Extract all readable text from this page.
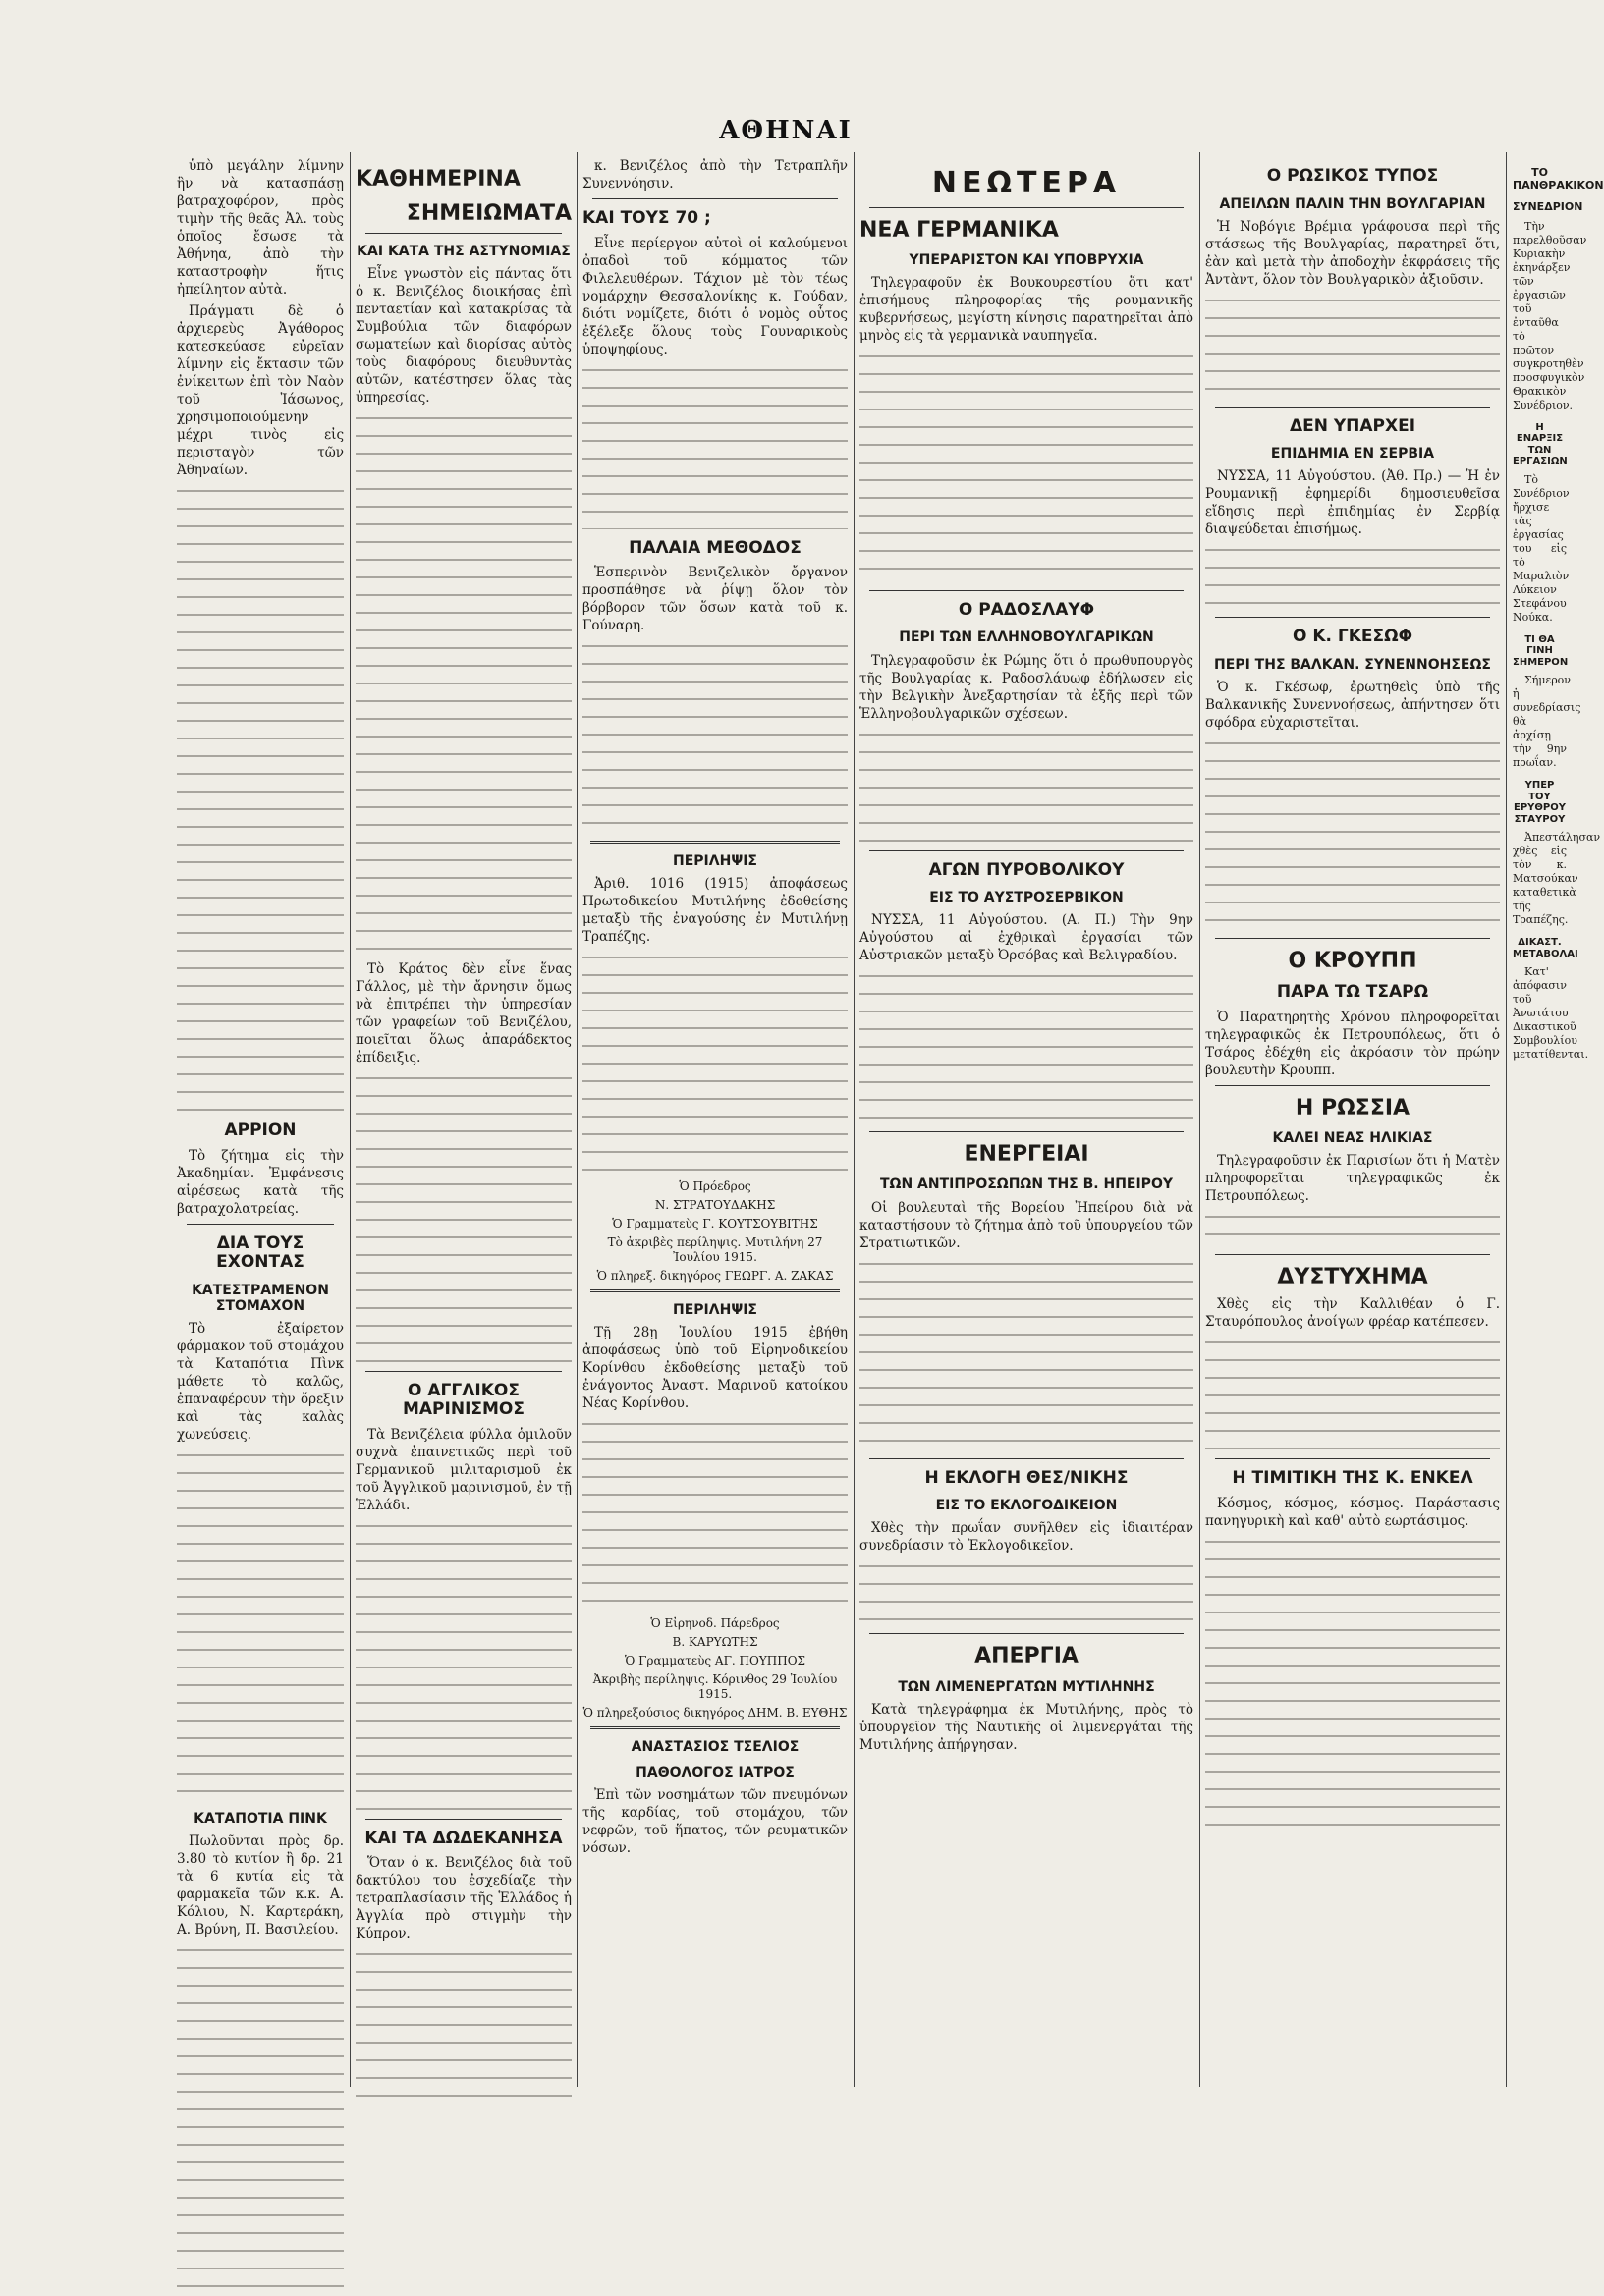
ΑΘΗΝΑΙ

ὑπὸ μεγάλην λίμνην ἣν νὰ κατασπάσῃ βατραχοφόρον, πρὸς τιμὴν τῆς θεᾶς Ἀλ. τοὺς ὁποῖος ἔσωσε τὰ Ἀθήνηα, ἀπὸ τὴν καταστροφὴν ἥτις ἠπείλητον αὐτὰ.

Πράγματι δὲ ὁ ἀρχιερεὺς Ἀγάθορος κατεσκεύασε εὐρεῖαν λίμνην εἰς ἔκτασιν τῶν ἐνίκειτων ἐπὶ τὸν Ναὸν τοῦ Ἰάσωνος, χρησιμοποιούμενην μέχρι τινὸς εἰς περισταγὸν τῶν Ἀθηναίων.

ΑΡΡΙΟΝ

Τὸ ζήτημα εἰς τὴν Ἀκαδημίαν. Ἐμφάνεσις αἱρέσεως κατὰ τῆς βατραχολατρείας.

ΔΙΑ ΤΟΥΣ ΕΧΟΝΤΑΣ
ΚΑΤΕΣΤΡΑΜΕΝΟΝ ΣΤΟΜΑΧΟΝ

Τὸ ἐξαίρετον φάρμακον τοῦ στομάχου τὰ Καταπότια Πὶνκ μάθετε τὸ καλῶς, ἐπαναφέρουν τὴν ὄρεξιν καὶ τὰς καλὰς χωνεύσεις.

ΚΑΤΑΠΟΤΙΑ ΠΙΝΚ

Πωλοῦνται πρὸς δρ. 3.80 τὸ κυτίον ἢ δρ. 21 τὰ 6 κυτία εἰς τὰ φαρμακεῖα τῶν κ.κ. Α. Κόλιου, Ν. Καρτεράκη, Α. Βρύνη, Π. Βασιλείου.

ΚΑΘΗΜΕΡΙΝΑ
ΣΗΜΕΙΩΜΑΤΑ
ΚΑΙ ΚΑΤΑ ΤΗΣ ΑΣΤΥΝΟΜΙΑΣ

Εἶνε γνωστὸν εἰς πάντας ὅτι ὁ κ. Βενιζέλος διοικήσας ἐπὶ πενταετίαν καὶ κατακρίσας τὰ Συμβούλια τῶν διαφόρων σωματείων καὶ διορίσας αὐτὸς τοὺς διαφόρους διευθυντὰς αὐτῶν, κατέστησεν ὅλας τὰς ὑπηρεσίας.

Τὸ Κράτος δὲν εἶνε ἕνας Γάλλος, μὲ τὴν ἄρνησιν ὅμως νὰ ἐπιτρέπει τὴν ὑπηρεσίαν τῶν γραφείων τοῦ Βενιζέλου, ποιεῖται ὅλως ἀπαράδεκτος ἐπίδειξις.

Ο ΑΓΓΛΙΚΟΣ ΜΑΡΙΝΙΣΜΟΣ

Τὰ Βενιζέλεια φύλλα ὁμιλοῦν συχνὰ ἐπαινετικῶς περὶ τοῦ Γερμανικοῦ μιλιταρισμοῦ ἐκ τοῦ Ἀγγλικοῦ μαρινισμοῦ, ἐν τῇ Ἑλλάδι.

ΚΑΙ ΤΑ ΔΩΔΕΚΑΝΗΣΑ

Ὅταν ὁ κ. Βενιζέλος διὰ τοῦ δακτύλου του ἐσχεδίαζε τὴν τετραπλασίασιν τῆς Ἑλλάδος ἡ Ἀγγλία πρὸ στιγμὴν τὴν Κύπρον.

κ. Βενιζέλος ἀπὸ τὴν Τετραπλῆν Συνεννόησιν.

ΚΑΙ ΤΟΥΣ 70 ;

Εἶνε περίεργον αὐτοὶ οἱ καλούμενοι ὀπαδοὶ τοῦ κόμματος τῶν Φιλελευθέρων. Τάχιον μὲ τὸν τέως νομάρχην Θεσσαλονίκης κ. Γούδαν, διότι νομίζετε, διότι ὁ νομὸς οὗτος ἐξέλεξε ὅλους τοὺς Γουναρικοὺς ὑποψηφίους.

ΠΑΛΑΙΑ ΜΕΘΟΔΟΣ

Ἑσπερινὸν Βενιζελικὸν ὄργανον προσπάθησε νὰ ῥίψῃ ὅλον τὸν βόρβορον τῶν ὅσων κατὰ τοῦ κ. Γούναρη.

ΠΕΡΙΛΗΨΙΣ

Ἀριθ. 1016 (1915) ἀποφάσεως Πρωτοδικείου Μυτιλήνης ἐδοθείσης μεταξὺ τῆς ἐναγούσης ἐν Μυτιλήνῃ Τραπέζης.

Ὁ Πρόεδρος
Ν. ΣΤΡΑΤΟΥΔΑΚΗΣ
Ὁ Γραμματεὺς Γ. ΚΟΥΤΣΟΥΒΙΤΗΣ
Τὸ ἀκριβὲς περίληψις. Μυτιλήνη 27 Ἰουλίου 1915.
Ὁ πληρεξ. δικηγόρος ΓΕΩΡΓ. Α. ΖΑΚΑΣ
ΠΕΡΙΛΗΨΙΣ

Τῇ 28ῃ Ἰουλίου 1915 ἐβήθη ἀποφάσεως ὑπὸ τοῦ Εἰρηνοδικείου Κορίνθου ἐκδοθείσης μεταξὺ τοῦ ἐνάγοντος Ἀναστ. Μαρινοῦ κατοίκου Νέας Κορίνθου.

Ὁ Εἰρηνοδ. Πάρεδρος
Β. ΚΑΡΥΩΤΗΣ
Ὁ Γραμματεὺς ΑΓ. ΠΟΥΠΠΟΣ
Ἀκριβὴς περίληψις. Κόρινθος 29 Ἰουλίου 1915.
Ὁ πληρεξούσιος δικηγόρος ΔΗΜ. Β. ΕΥΘΗΣ
ΑΝΑΣΤΑΣΙΟΣ ΤΣΕΛΙΟΣ
ΠΑΘΟΛΟΓΟΣ ΙΑΤΡΟΣ

Ἐπὶ τῶν νοσημάτων τῶν πνευμόνων τῆς καρδίας, τοῦ στομάχου, τῶν νεφρῶν, τοῦ ἥπατος, τῶν ρευματικῶν νόσων.

ΝΕΩΤΕΡΑ
ΝΕΑ ΓΕΡΜΑΝΙΚΑ
ΥΠΕΡΑΡΙΣΤΟΝ ΚΑΙ ΥΠΟΒΡΥΧΙΑ

Τηλεγραφοῦν ἐκ Βουκουρεστίου ὅτι κατ' ἐπισήμους πληροφορίας τῆς ρουμανικῆς κυβερνήσεως, μεγίστη κίνησις παρατηρεῖται ἀπὸ μηνὸς εἰς τὰ γερμανικὰ ναυπηγεῖα.

Ο ΡΑΔΟΣΛΑΥΦ
ΠΕΡΙ ΤΩΝ ΕΛΛΗΝΟΒΟΥΛΓΑΡΙΚΩΝ

Τηλεγραφοῦσιν ἐκ Ρώμης ὅτι ὁ πρωθυπουργὸς τῆς Βουλγαρίας κ. Ραδοσλάυωφ ἐδήλωσεν εἰς τὴν Βελγικὴν Ἀνεξαρτησίαν τὰ ἑξῆς περὶ τῶν Ἑλληνοβουλγαρικῶν σχέσεων.

ΑΓΩΝ ΠΥΡΟΒΟΛΙΚΟΥ
ΕΙΣ ΤΟ ΑΥΣΤΡΟΣΕΡΒΙΚΟΝ

ΝΥΣΣΑ, 11 Αὐγούστου. (Α. Π.) Τὴν 9ην Αὐγούστου αἱ ἐχθρικαὶ ἐργασίαι τῶν Αὐστριακῶν μεταξὺ Ὀρσόβας καὶ Βελιγραδίου.

ΕΝΕΡΓΕΙΑΙ
ΤΩΝ ΑΝΤΙΠΡΟΣΩΠΩΝ ΤΗΣ Β. ΗΠΕΙΡΟΥ

Οἱ βουλευταὶ τῆς Βορείου Ἠπείρου διὰ νὰ καταστήσουν τὸ ζήτημα ἀπὸ τοῦ ὑπουργείου τῶν Στρατιωτικῶν.

Η ΕΚΛΟΓΗ ΘΕΣ/ΝΙΚΗΣ
ΕΙΣ ΤΟ ΕΚΛΟΓΟΔΙΚΕΙΟΝ

Χθὲς τὴν πρωΐαν συνῆλθεν εἰς ἰδιαιτέραν συνεδρίασιν τὸ Ἐκλογοδικεῖον.

ΑΠΕΡΓΙΑ
ΤΩΝ ΛΙΜΕΝΕΡΓΑΤΩΝ ΜΥΤΙΛΗΝΗΣ

Κατὰ τηλεγράφημα ἐκ Μυτιλήνης, πρὸς τὸ ὑπουργεῖον τῆς Ναυτικῆς οἱ λιμενεργάται τῆς Μυτιλήνης ἀπήργησαν.

Ο ΡΩΣΙΚΟΣ ΤΥΠΟΣ
ΑΠΕΙΛΩΝ ΠΑΛΙΝ ΤΗΝ ΒΟΥΛΓΑΡΙΑΝ

Ἡ Νοβόγιε Βρέμια γράφουσα περὶ τῆς στάσεως τῆς Βουλγαρίας, παρατηρεῖ ὅτι, ἐὰν καὶ μετὰ τὴν ἀποδοχὴν ἐκφράσεις τῆς Ἀντὰντ, ὅλον τὸν Βουλγαρικὸν ἀξιοῦσιν.

ΔΕΝ ΥΠΑΡΧΕΙ
ΕΠΙΔΗΜΙΑ ΕΝ ΣΕΡΒΙΑ

ΝΥΣΣΑ, 11 Αὐγούστου. (Ἀθ. Πρ.) — Ἡ ἐν Ρουμανικῇ ἐφημερίδι δημοσιευθεῖσα εἴδησις περὶ ἐπιδημίας ἐν Σερβίᾳ διαψεύδεται ἐπισήμως.

Ο Κ. ΓΚΕΣΩΦ
ΠΕΡΙ ΤΗΣ ΒΑΛΚΑΝ. ΣΥΝΕΝΝΟΗΣΕΩΣ

Ὁ κ. Γκέσωφ, ἐρωτηθεὶς ὑπὸ τῆς Βαλκανικῆς Συνεννοήσεως, ἀπήντησεν ὅτι σφόδρα εὐχαριστεῖται.

Ο ΚΡΟΥΠΠ
ΠΑΡΑ ΤΩ ΤΣΑΡΩ

Ὁ Παρατηρητὴς Χρόνου πληροφορεῖται τηλεγραφικῶς ἐκ Πετρουπόλεως, ὅτι ὁ Τσάρος ἐδέχθη εἰς ἀκρόασιν τὸν πρώην βουλευτὴν Κρουππ.

Η ΡΩΣΣΙΑ
ΚΑΛΕΙ ΝΕΑΣ ΗΛΙΚΙΑΣ

Τηλεγραφοῦσιν ἐκ Παρισίων ὅτι ἡ Ματὲν πληροφορεῖται τηλεγραφικῶς ἐκ Πετρουπόλεως.

ΔΥΣΤΥΧΗΜΑ

Χθὲς εἰς τὴν Καλλιθέαν ὁ Γ. Σταυρόπουλος ἀνοίγων φρέαρ κατέπεσεν.

Η ΤΙΜΙΤΙΚΗ ΤΗΣ Κ. ΕΝΚΕΛ

Κόσμος, κόσμος, κόσμος. Παράστασις πανηγυρικὴ καὶ καθ' αὐτὸ εωρτάσιμος.

ΤΟ ΠΑΝΘΡΑΚΙΚΟΝ
ΣΥΝΕΔΡΙΟΝ

Τὴν παρελθοῦσαν Κυριακὴν ἐκηνάρξεν τῶν ἐργασιῶν τοῦ ἐνταῦθα τὸ πρῶτον συγκροτηθὲν προσφυγικὸν Θρακικὸν Συνέδριον.

Η ΕΝΑΡΞΙΣ ΤΩΝ ΕΡΓΑΣΙΩΝ

Τὸ Συνέδριον ἤρχισε τὰς ἐργασίας του εἰς τὸ Μαραλιὸν Λύκειον Στεφάνου Νούκα.

ΤΙ ΘΑ ΓΙΝΗ ΣΗΜΕΡΟΝ

Σήμερον ἡ συνεδρίασις θὰ ἀρχίσῃ τὴν 9ην πρωΐαν.

ΥΠΕΡ ΤΟΥ ΕΡΥΘΡΟΥ ΣΤΑΥΡΟΥ

Ἀπεστάλησαν χθὲς εἰς τὸν κ. Ματσούκαν καταθετικὰ τῆς Τραπέζης.

ΔΙΚΑΣΤ. ΜΕΤΑΒΟΛΑΙ

Κατ' ἀπόφασιν τοῦ Ἀνωτάτου Δικαστικοῦ Συμβουλίου μετατίθενται.
